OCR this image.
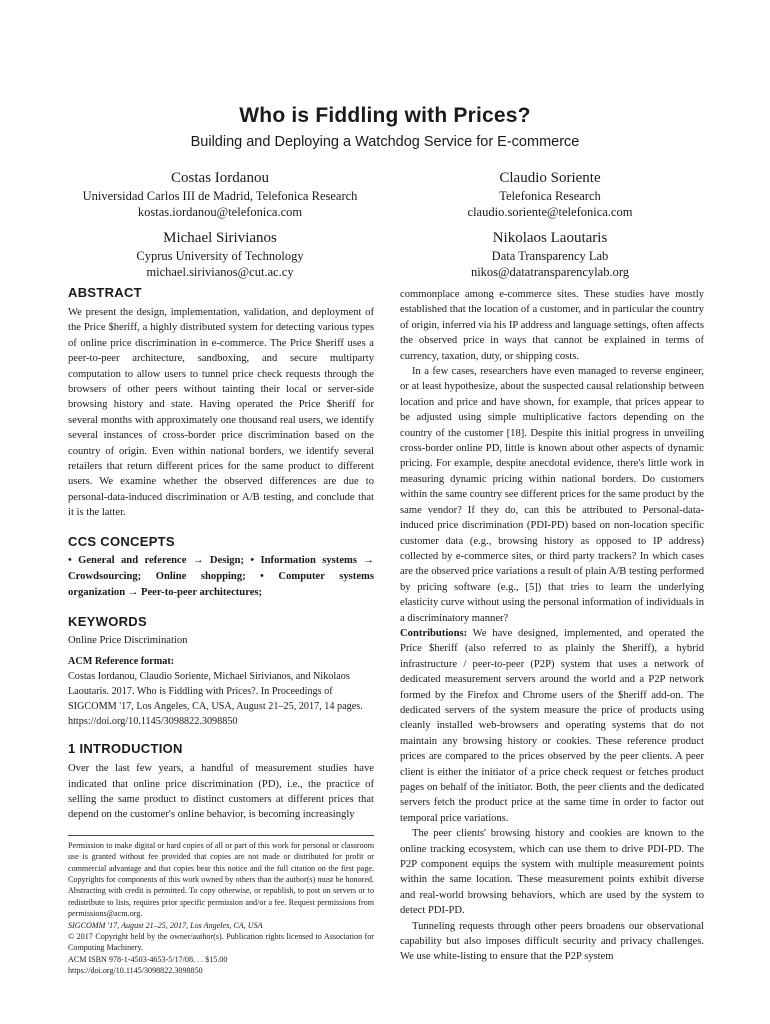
Who is Fiddling with Prices?
Building and Deploying a Watchdog Service for E-commerce
Costas Iordanou
Universidad Carlos III de Madrid, Telefonica Research
kostas.iordanou@telefonica.com
Claudio Soriente
Telefonica Research
claudio.soriente@telefonica.com
Michael Sirivianos
Cyprus University of Technology
michael.sirivianos@cut.ac.cy
Nikolaos Laoutaris
Data Transparency Lab
nikos@datatransparencylab.org
ABSTRACT

We present the design, implementation, validation, and deployment of the Price $heriff, a highly distributed system for detecting various types of online price discrimination in e-commerce. The Price $heriff uses a peer-to-peer architecture, sandboxing, and secure multiparty computation to allow users to tunnel price check requests through the browsers of other peers without tainting their local or server-side browsing history and state. Having operated the Price $heriff for several months with approximately one thousand real users, we identify several instances of cross-border price discrimination based on the country of origin. Even within national borders, we identify several retailers that return different prices for the same product to different users. We examine whether the observed differences are due to personal-data-induced discrimination or A/B testing, and conclude that it is the latter.

CCS CONCEPTS

• General and reference → Design; • Information systems → Crowdsourcing; Online shopping; • Computer systems organization → Peer-to-peer architectures;

KEYWORDS

Online Price Discrimination

ACM Reference format:

Costas Iordanou, Claudio Soriente, Michael Sirivianos, and Nikolaos Laoutaris. 2017. Who is Fiddling with Prices?. In Proceedings of SIGCOMM '17, Los Angeles, CA, USA, August 21–25, 2017, 14 pages. https://doi.org/10.1145/3098822.3098850

1 INTRODUCTION

Over the last few years, a handful of measurement studies have indicated that online price discrimination (PD), i.e., the practice of selling the same product to distinct customers at different prices that depend on the customer's online behavior, is becoming increasingly

Permission to make digital or hard copies of all or part of this work for personal or classroom use is granted without fee provided that copies are not made or distributed for profit or commercial advantage and that copies bear this notice and the full citation on the first page. Copyrights for components of this work owned by others than the author(s) must be honored. Abstracting with credit is permitted. To copy otherwise, or republish, to post on servers or to redistribute to lists, requires prior specific permission and/or a fee. Request permissions from permissions@acm.org.

SIGCOMM '17, August 21–25, 2017, Los Angeles, CA, USA

© 2017 Copyright held by the owner/author(s). Publication rights licensed to Association for Computing Machinery.

ACM ISBN 978-1-4503-4653-5/17/08. . . $15.00

https://doi.org/10.1145/3098822.3098850

commonplace among e-commerce sites. These studies have mostly established that the location of a customer, and in particular the country of origin, inferred via his IP address and language settings, often affects the observed price in ways that cannot be explained in terms of currency, taxation, duty, or shipping costs.

In a few cases, researchers have even managed to reverse engineer, or at least hypothesize, about the suspected causal relationship between location and price and have shown, for example, that prices appear to be adjusted using simple multiplicative factors depending on the country of the customer [18]. Despite this initial progress in unveiling cross-border online PD, little is known about other aspects of dynamic pricing. For example, despite anecdotal evidence, there's little work in measuring dynamic pricing within national borders. Do customers within the same country see different prices for the same product by the same vendor? If they do, can this be attributed to Personal-data-induced price discrimination (PDI-PD) based on non-location specific customer data (e.g., browsing history as opposed to IP address) collected by e-commerce sites, or third party trackers? In which cases are the observed price variations a result of plain A/B testing performed by pricing software (e.g., [5]) that tries to learn the underlying elasticity curve without using the personal information of individuals in a discriminatory manner?

Contributions: We have designed, implemented, and operated the Price $heriff (also referred to as plainly the $heriff), a hybrid infrastructure / peer-to-peer (P2P) system that uses a network of dedicated measurement servers around the world and a P2P network formed by the Firefox and Chrome users of the $heriff add-on. The dedicated servers of the system measure the price of products using cleanly installed web-browsers and operating systems that do not maintain any browsing history or cookies. These reference product prices are compared to the prices observed by the peer clients. A peer client is either the initiator of a price check request or fetches product pages on behalf of the initiator. Both, the peer clients and the dedicated servers fetch the product price at the same time in order to factor out temporal price variations.

The peer clients' browsing history and cookies are known to the online tracking ecosystem, which can use them to drive PDI-PD. The P2P component equips the system with multiple measurement points within the same location. These measurement points exhibit diverse and real-world browsing behaviors, which are used by the system to detect PDI-PD.

Tunneling requests through other peers broadens our observational capability but also imposes difficult security and privacy challenges. We use white-listing to ensure that the P2P system
